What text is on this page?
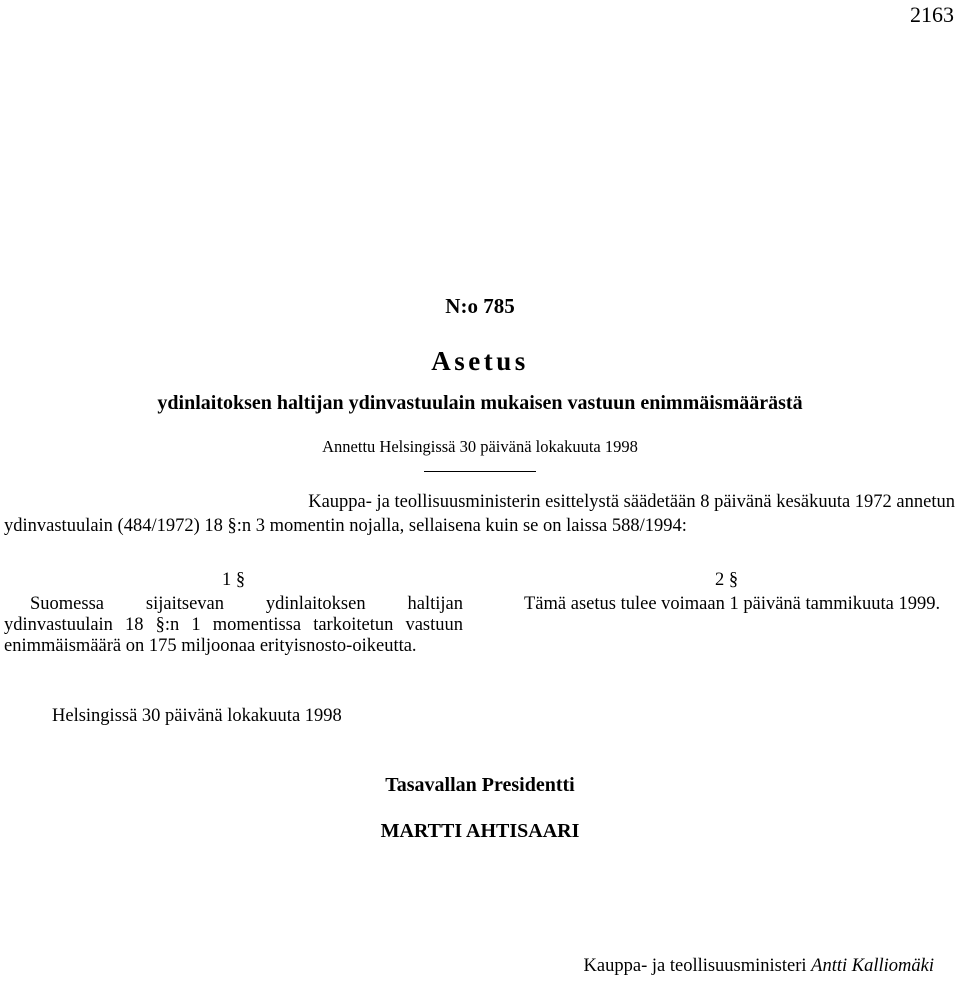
2163
N:o 785
Asetus
ydinlaitoksen haltijan ydinvastuulain mukaisen vastuun enimmäismäärästä
Annettu Helsingissä 30 päivänä lokakuuta 1998
Kauppa- ja teollisuusministerin esittelystä säädetään 8 päivänä kesäkuuta 1972 annetun
ydinvastuulain (484/1972) 18 §:n 3 momentin nojalla, sellaisena kuin se on laissa 588/1994:
1 §
Suomessa sijaitsevan ydinlaitoksen haltijan ydinvastuulain 18 §:n 1 momentissa tarkoitetun vastuun enimmäismäärä on 175 miljoonaa erityisnosto-oikeutta.
2 §
Tämä asetus tulee voimaan 1 päivänä tammikuuta 1999.
Helsingissä 30 päivänä lokakuuta 1998
Tasavallan Presidentti
MARTTI AHTISAARI
Kauppa- ja teollisuusministeri Antti Kalliomäki
